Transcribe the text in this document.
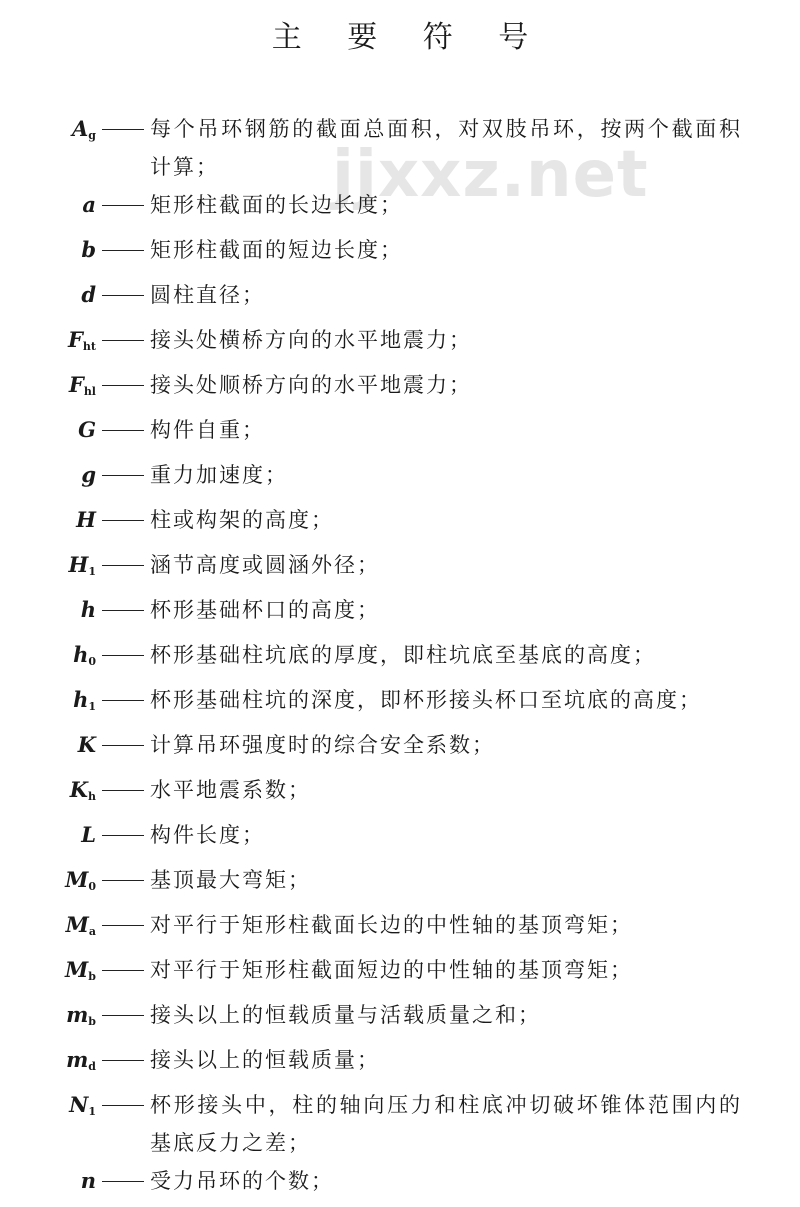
主 要 符 号
jjxxz.net
$A_g$	每个吊环钢筋的截面总面积，对双肢吊环，按两个截面积计算；
a	矩形柱截面的长边长度；
b	矩形柱截面的短边长度；
d	圆柱直径；
$F_{ht}$	接头处横桥方向的水平地震力；
$F_{hl}$	接头处顺桥方向的水平地震力；
G	构件自重；
g	重力加速度；
H	柱或构架的高度；
$H_1$	涵节高度或圆涵外径；
h	杯形基础杯口的高度；
$h_0$	杯形基础柱坑底的厚度，即柱坑底至基底的高度；
$h_1$	杯形基础柱坑的深度，即杯形接头杯口至坑底的高度；
K	计算吊环强度时的综合安全系数；
$K_h$	水平地震系数；
L	构件长度；
$M_0$	基顶最大弯矩；
$M_a$	对平行于矩形柱截面长边的中性轴的基顶弯矩；
$M_b$	对平行于矩形柱截面短边的中性轴的基顶弯矩；
$m_b$	接头以上的恒载质量与活载质量之和；
$m_d$	接头以上的恒载质量；
$N_1$	杯形接头中，柱的轴向压力和柱底冲切破坏锥体范围内的基底反力之差；
n	受力吊环的个数；
